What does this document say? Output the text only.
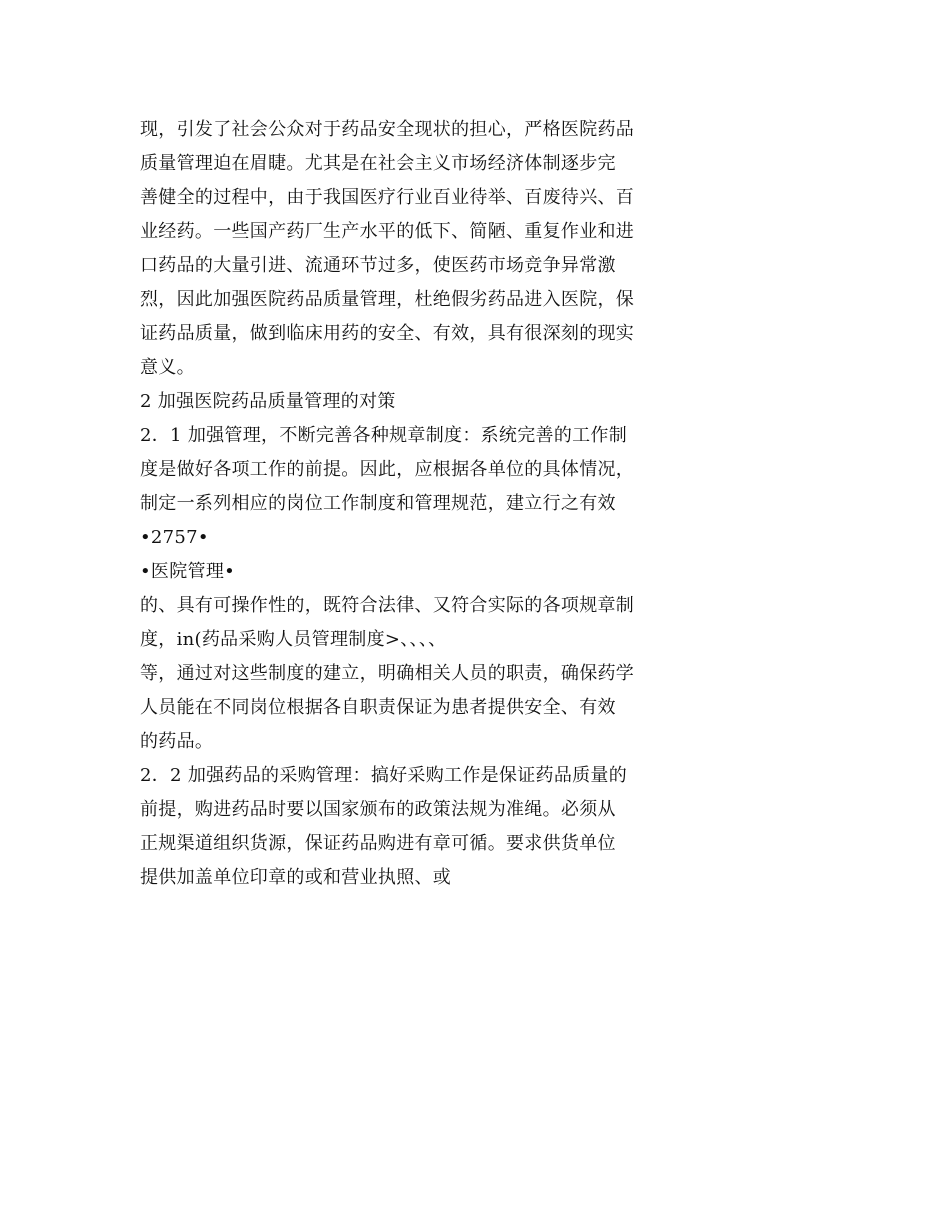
现，引发了社会公众对于药品安全现状的担心，严格医院药品
质量管理迫在眉睫。尤其是在社会主义市场经济体制逐步完
善健全的过程中，由于我国医疗行业百业待举、百废待兴、百
业经药。一些国产药厂生产水平的低下、简陋、重复作业和进
口药品的大量引进、流通环节过多，使医药市场竞争异常激
烈，因此加强医院药品质量管理，杜绝假劣药品进入医院，保
证药品质量，做到临床用药的安全、有效，具有很深刻的现实
意义。
2 加强医院药品质量管理的对策
2．1 加强管理，不断完善各种规章制度：系统完善的工作制
度是做好各项工作的前提。因此，应根据各单位的具体情况，
制定一系列相应的岗位工作制度和管理规范，建立行之有效
•2757•
•医院管理•
的、具有可操作性的，既符合法律、又符合实际的各项规章制
度，in(药品采购人员管理制度>、、、、
等，通过对这些制度的建立，明确相关人员的职责，确保药学
人员能在不同岗位根据各自职责保证为患者提供安全、有效
的药品。
2．2 加强药品的采购管理：搞好采购工作是保证药品质量的
前提，购进药品时要以国家颁布的政策法规为准绳。必须从
正规渠道组织货源，保证药品购进有章可循。要求供货单位
提供加盖单位印章的或和营业执照、或
